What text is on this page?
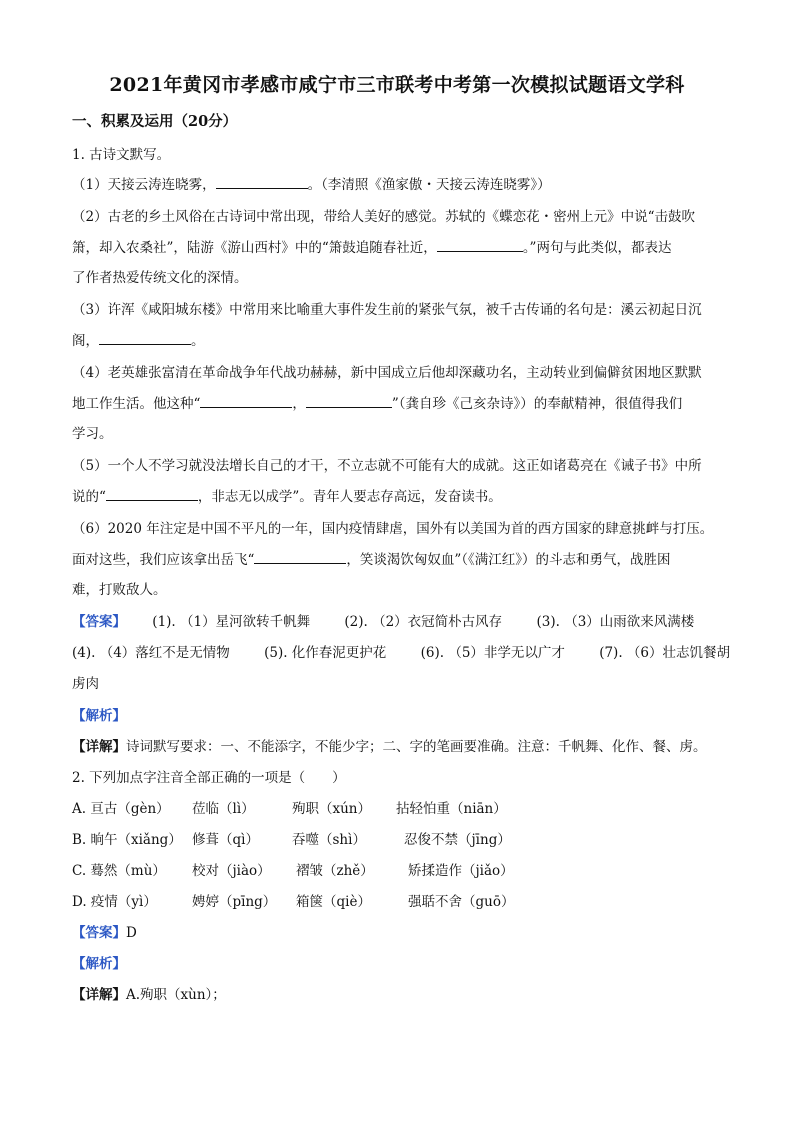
2021年黄冈市孝感市咸宁市三市联考中考第一次模拟试题语文学科
一、积累及运用（20分）
1. 古诗文默写。
（1）天接云涛连晓雾，	。（李清照《渔家傲・天接云涛连晓雾》）
（2）古老的乡土风俗在古诗词中常出现，带给人美好的感觉。苏轼的《蝶恋花・密州上元》中说“击鼓吹
箫，却入农桑社”，陆游《游山西村》中的“箫鼓追随春社近，	。”两句与此类似，都表达
了作者热爱传统文化的深情。
（3）许浑《咸阳城东楼》中常用来比喻重大事件发生前的紧张气氛，被千古传诵的名句是：溪云初起日沉
阁，	。
（4）老英雄张富清在革命战争年代战功赫赫，新中国成立后他却深藏功名，主动转业到偏僻贫困地区默默
地工作生活。他这种“	，	”（龚自珍《己亥杂诗》）的奉献精神，很值得我们
学习。
（5）一个人不学习就没法增长自己的才干，不立志就不可能有大的成就。这正如诸葛亮在《诫子书》中所
说的“	，非志无以成学”。青年人要志存高远，发奋读书。
（6）2020 年注定是中国不平凡的一年，国内疫情肆虐，国外有以美国为首的西方国家的肆意挑衅与打压。
面对这些，我们应该拿出岳飞“	，笑谈渴饮匈奴血”（《满江红》）的斗志和勇气，战胜困
难，打败敌人。
【答案】 (1). （1）星河欲转千帆舞	(2). （2）衣冠简朴古风存	(3). （3）山雨欲来风满楼
(4). （4）落红不是无情物	(5). 化作春泥更护花	(6). （5）非学无以广才	(7). （6）壮志饥餐胡
虏肉
【解析】
【详解】诗词默写要求：一、不能添字，不能少字；二、字的笔画要准确。注意：千帆舞、化作、餐、虏。
2. 下列加点字注音全部正确的一项是（　　）
A. 亘古（gèn） 莅临（lì）	殉职（xún） 拈轻怕重（niān）
B. 晌午（xiǎng） 修葺（qì） 吞噬（shì）	忍俊不禁（jīng）
C. 蓦然（mù） 校对（jiào） 褶皱（zhě）	矫揉造作（jiǎo）
D. 疫情（yì）	娉婷（pīng） 箱箧（qiè）	强聒不舍（guō）
【答案】D
【解析】
【详解】A.殉职（xùn）；
